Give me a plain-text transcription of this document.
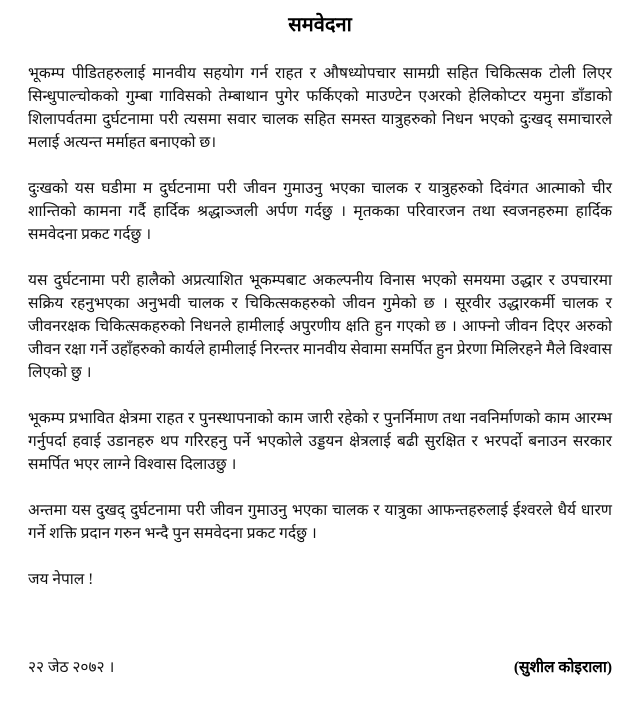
समवेदना

भूकम्प पीडितहरुलाई मानवीय सहयोग गर्न राहत र औषध्योपचार सामग्री सहित चिकित्सक टोली लिएर सिन्धुपाल्चोकको गुम्बा गाविसको तेम्बाथान पुगेर फर्किएको माउण्टेन एअरको हेलिकोप्टर यमुना डाँडाको शिलापर्वतमा दुर्घटनामा परी त्यसमा सवार चालक सहित समस्त यात्रुहरुको निधन भएको दुःखद् समाचारले मलाई अत्यन्त मर्माहत बनाएको छ।

दुःखको यस घडीमा म दुर्घटनामा परी जीवन गुमाउनु भएका चालक र यात्रुहरुको दिवंगत आत्माको चीर शान्तिको कामना गर्दै हार्दिक श्रद्धाञ्जली अर्पण गर्दछु । मृतकका परिवारजन तथा स्वजनहरुमा हार्दिक समवेदना प्रकट गर्दछु ।

यस दुर्घटनामा परी हालैको अप्रत्याशित भूकम्पबाट अकल्पनीय विनास भएको समयमा उद्धार र उपचारमा सक्रिय रहनुभएका अनुभवी चालक र चिकित्सकहरुको जीवन गुमेको छ । सूरवीर उद्धारकर्मी चालक र जीवनरक्षक चिकित्सकहरुको निधनले हामीलाई अपुरणीय क्षति हुन गएको छ । आफ्नो जीवन दिएर अरुको जीवन रक्षा गर्ने उहाँहरुको कार्यले हामीलाई निरन्तर मानवीय सेवामा समर्पित हुन प्रेरणा मिलिरहने मैले विश्वास लिएको छु ।

भूकम्प प्रभावित क्षेत्रमा राहत र पुनस्थापनाको काम जारी रहेको र पुनर्निमाण तथा नवनिर्माणको काम आरम्भ गर्नुपर्दा हवाई उडानहरु थप गरिरहनु पर्ने भएकोले उड्डयन क्षेत्रलाई बढी सुरक्षित र भरपर्दो बनाउन सरकार समर्पित भएर लाग्ने विश्वास दिलाउछु ।

अन्तमा यस दुखद् दुर्घटनामा परी जीवन गुमाउनु भएका चालक र यात्रुका आफन्तहरुलाई ईश्वरले धैर्य धारण गर्ने शक्ति प्रदान गरुन भन्दै पुन समवेदना प्रकट गर्दछु ।

जय नेपाल !

२२ जेठ २०७२ ।	(सुशील कोइराला)
